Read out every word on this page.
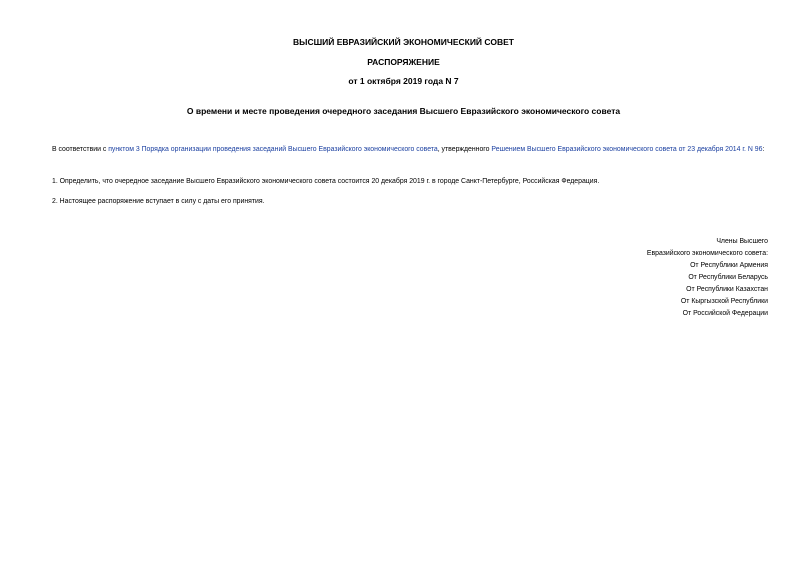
ВЫСШИЙ ЕВРАЗИЙСКИЙ ЭКОНОМИЧЕСКИЙ СОВЕТ
РАСПОРЯЖЕНИЕ
от 1 октября 2019 года N 7
О времени и месте проведения очередного заседания Высшего Евразийского экономического совета
В соответствии с пунктом 3 Порядка организации проведения заседаний Высшего Евразийского экономического совета, утвержденного Решением Высшего Евразийского экономического совета от 23 декабря 2014 г. N 96:
1. Определить, что очередное заседание Высшего Евразийского экономического совета состоится 20 декабря 2019 г. в городе Санкт-Петербурге, Российская Федерация.
2. Настоящее распоряжение вступает в силу с даты его принятия.
Члены Высшего
Евразийского экономического совета:
От Республики Армения
От Республики Беларусь
От Республики Казахстан
От Кыргызской Республики
От Российской Федерации
